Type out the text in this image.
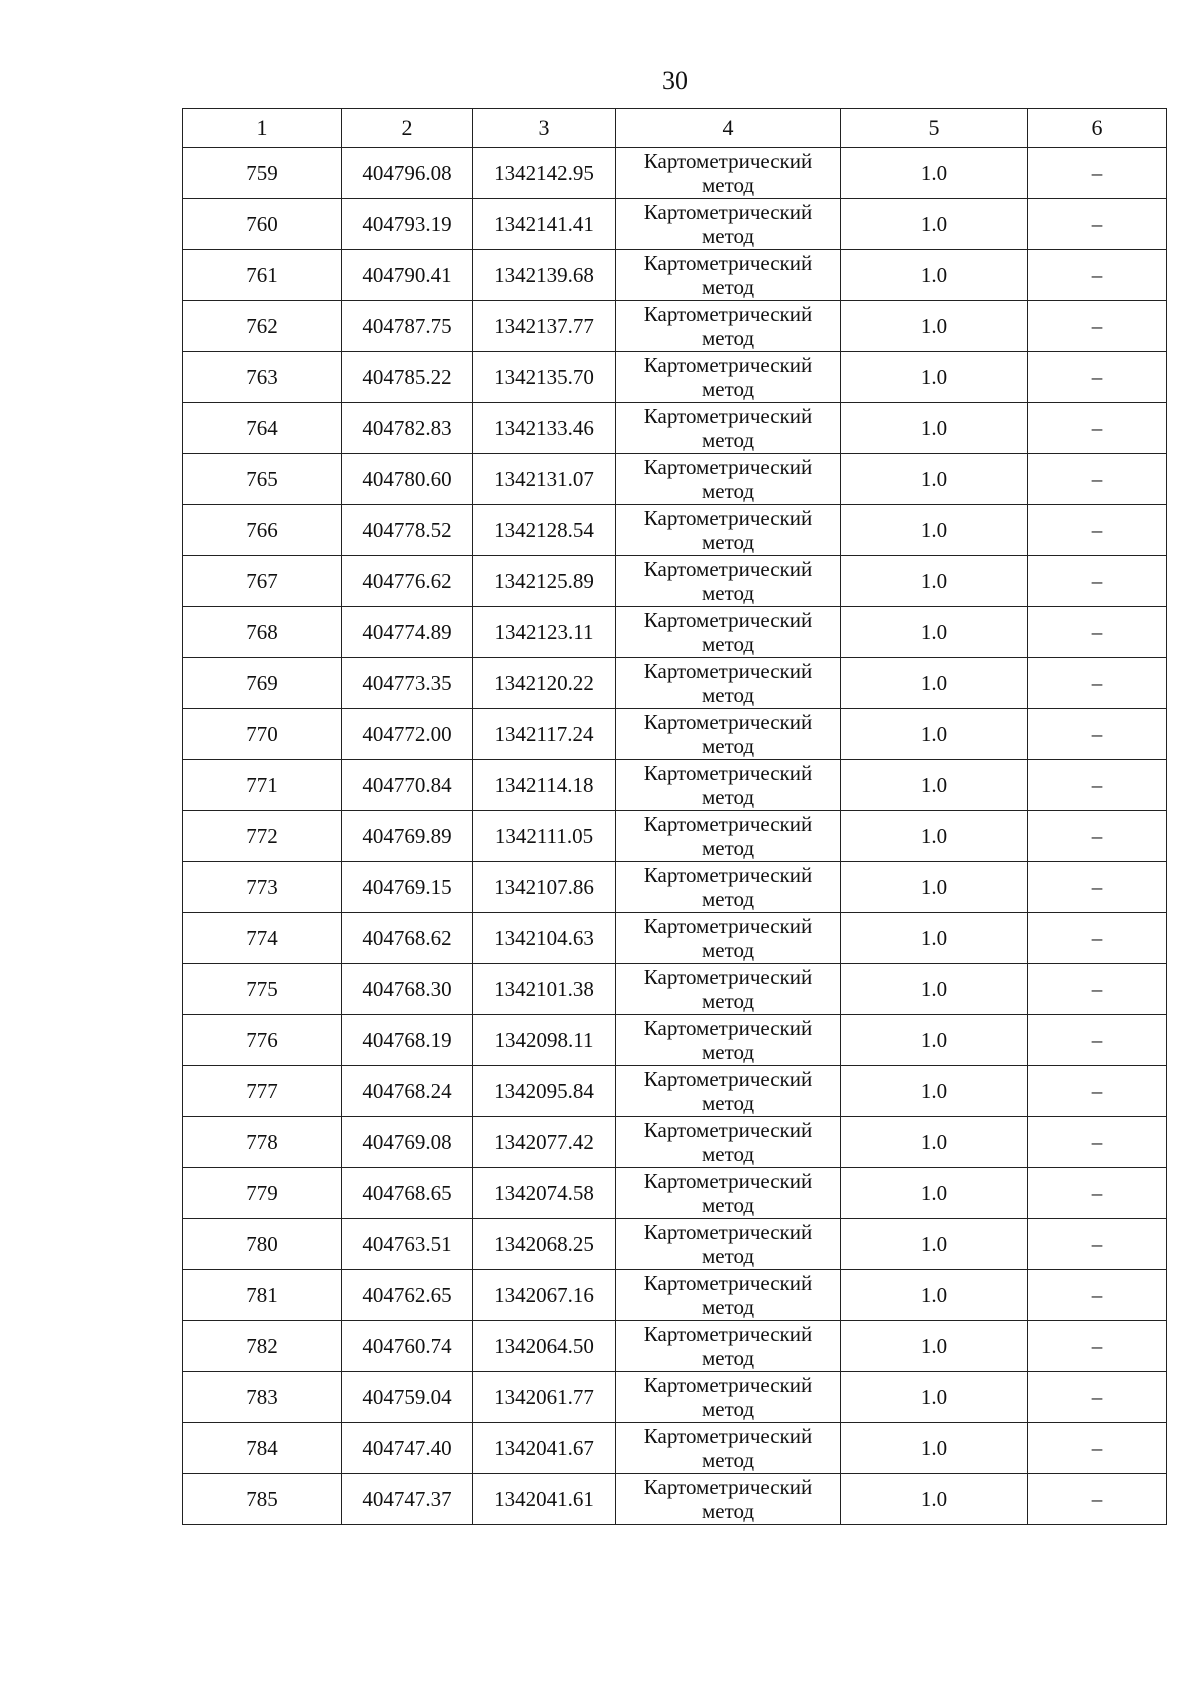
30
1	2	3	4	5	6
759	404796.08	1342142.95	Картометрический
метод	1.0	–
760	404793.19	1342141.41	Картометрический
метод	1.0	–
761	404790.41	1342139.68	Картометрический
метод	1.0	–
762	404787.75	1342137.77	Картометрический
метод	1.0	–
763	404785.22	1342135.70	Картометрический
метод	1.0	–
764	404782.83	1342133.46	Картометрический
метод	1.0	–
765	404780.60	1342131.07	Картометрический
метод	1.0	–
766	404778.52	1342128.54	Картометрический
метод	1.0	–
767	404776.62	1342125.89	Картометрический
метод	1.0	–
768	404774.89	1342123.11	Картометрический
метод	1.0	–
769	404773.35	1342120.22	Картометрический
метод	1.0	–
770	404772.00	1342117.24	Картометрический
метод	1.0	–
771	404770.84	1342114.18	Картометрический
метод	1.0	–
772	404769.89	1342111.05	Картометрический
метод	1.0	–
773	404769.15	1342107.86	Картометрический
метод	1.0	–
774	404768.62	1342104.63	Картометрический
метод	1.0	–
775	404768.30	1342101.38	Картометрический
метод	1.0	–
776	404768.19	1342098.11	Картометрический
метод	1.0	–
777	404768.24	1342095.84	Картометрический
метод	1.0	–
778	404769.08	1342077.42	Картометрический
метод	1.0	–
779	404768.65	1342074.58	Картометрический
метод	1.0	–
780	404763.51	1342068.25	Картометрический
метод	1.0	–
781	404762.65	1342067.16	Картометрический
метод	1.0	–
782	404760.74	1342064.50	Картометрический
метод	1.0	–
783	404759.04	1342061.77	Картометрический
метод	1.0	–
784	404747.40	1342041.67	Картометрический
метод	1.0	–
785	404747.37	1342041.61	Картометрический
метод	1.0	–
